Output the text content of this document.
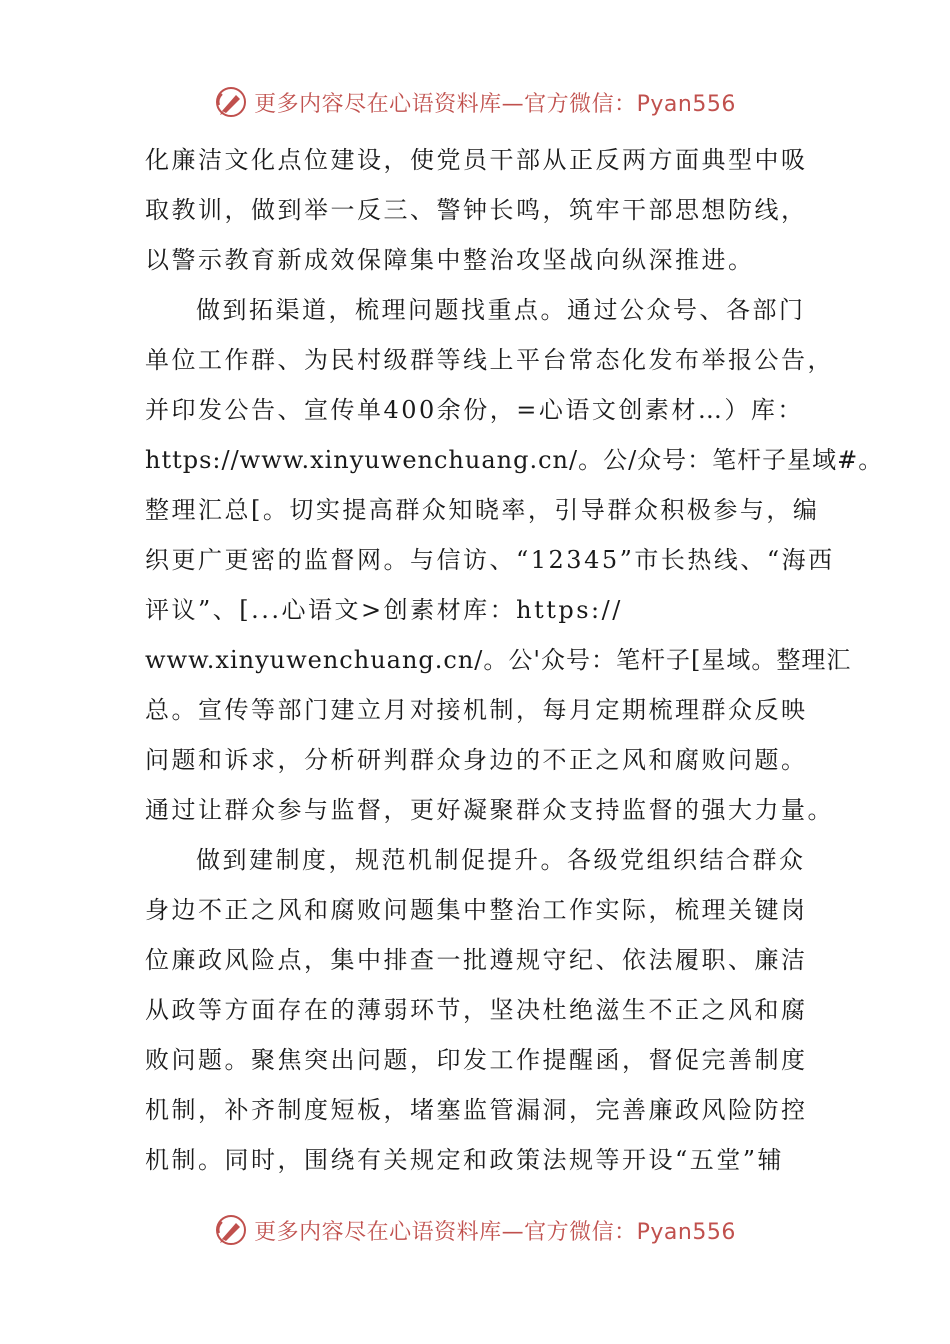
更多内容尽在心语资料库—官方微信：Pyan556
化廉洁文化点位建设，使党员干部从正反两方面典型中吸
取教训，做到举一反三、警钟长鸣，筑牢干部思想防线，
以警示教育新成效保障集中整治攻坚战向纵深推进。
做到拓渠道，梳理问题找重点。通过公众号、各部门
单位工作群、为民村级群等线上平台常态化发布举报公告，
并印发公告、宣传单400余份，=心语文创素材…）库：
https://www.xinyuwenchuang.cn/。公/众号：笔杆子星域#。
整理汇总[。切实提高群众知晓率，引导群众积极参与，编
织更广更密的监督网。与信访、“12345”市长热线、“海西
评议”、[...心语文>创素材库：https://
www.xinyuwenchuang.cn/。公'众号：笔杆子[星域。整理汇
总。宣传等部门建立月对接机制，每月定期梳理群众反映
问题和诉求，分析研判群众身边的不正之风和腐败问题。
通过让群众参与监督，更好凝聚群众支持监督的强大力量。
做到建制度，规范机制促提升。各级党组织结合群众
身边不正之风和腐败问题集中整治工作实际，梳理关键岗
位廉政风险点，集中排查一批遵规守纪、依法履职、廉洁
从政等方面存在的薄弱环节，坚决杜绝滋生不正之风和腐
败问题。聚焦突出问题，印发工作提醒函，督促完善制度
机制，补齐制度短板，堵塞监管漏洞，完善廉政风险防控
机制。同时，围绕有关规定和政策法规等开设“五堂”辅
更多内容尽在心语资料库—官方微信：Pyan556
